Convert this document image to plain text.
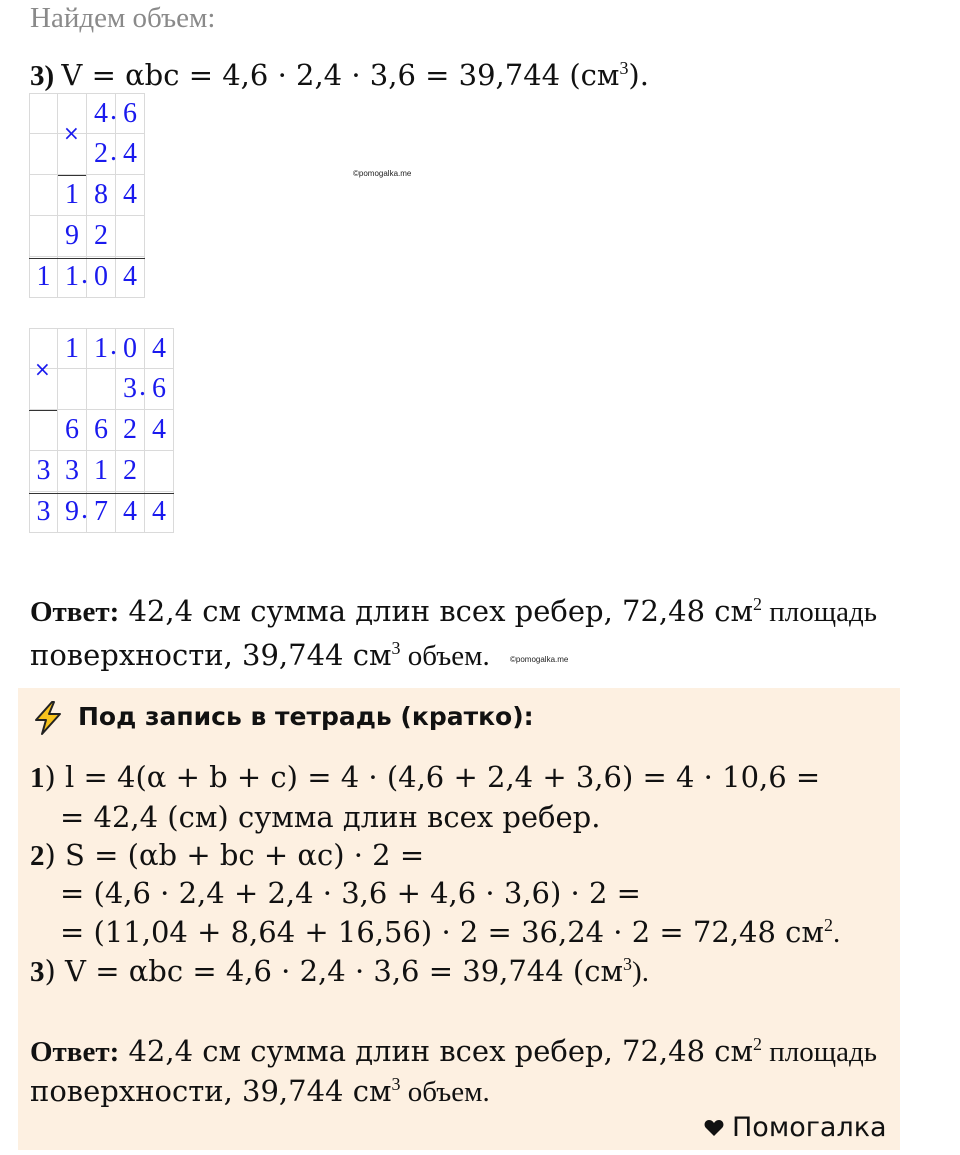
Найдем объем:
3) V = αbc = 4,6 · 2,4 · 3,6 = 39,744 $(см^3)$.
4 . 6
2 . 4
1 8 4
9 2
1 1 . 0 4
×
©pomogalka.me
1 1 . 0 4
3 . 6
6 6 2 4
3 3 1 2
3 9 . 7 4 4
×
Ответ: 42,4 см сумма длин всех ребер, 72,48 $см^2$ площадь
поверхности, 39,744 $см^3$ объем.	©pomogalka.me
Под запись в тетрадь (кратко):
1) l = 4(α + b + c) = 4 · (4,6 + 2,4 + 3,6) = 4 · 10,6 =
= 42,4 (см) сумма длин всех ребер.
2) S = (αb + bc + αc) · 2 =
= (4,6 · 2,4 + 2,4 · 3,6 + 4,6 · 3,6) · 2 =
= (11,04 + 8,64 + 16,56) · 2 = 36,24 · 2 = 72,48 $см^2$.
3) V = αbc = 4,6 · 2,4 · 3,6 = 39,744 $(см^3)$.
Ответ: 42,4 см сумма длин всех ребер, 72,48 $см^2$ площадь
поверхности, 39,744 $см^3$ объем.
Помогалка
